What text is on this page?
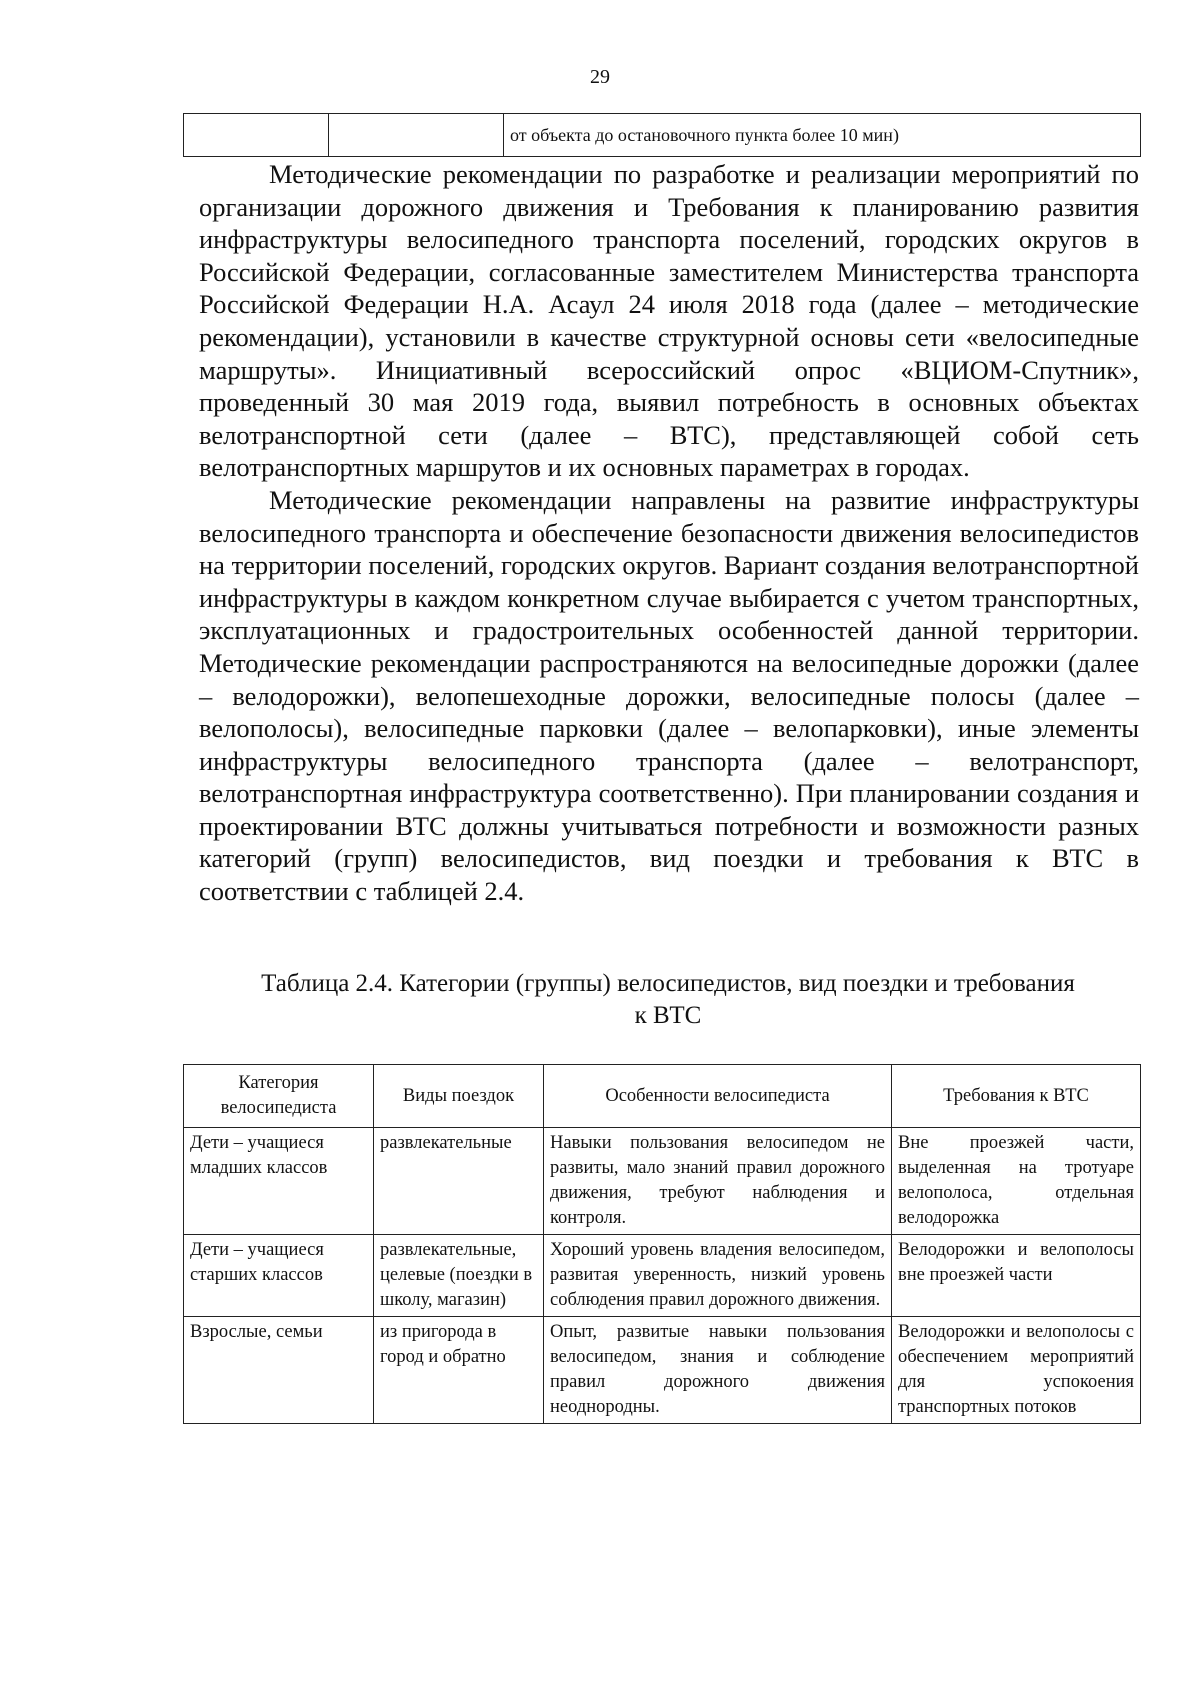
29
		от объекта до остановочного пункта более 10 мин)

Методические рекомендации по разработке и реализации мероприятий по организации дорожного движения и Требования к планированию развития инфраструктуры велосипедного транспорта поселений, городских округов в Российской Федерации, согласованные заместителем Министерства транспорта Российской Федерации Н.А. Асаул 24 июля 2018 года (далее – методические рекомендации), установили в качестве структурной основы сети «велосипедные маршруты». Инициативный всероссийский опрос «ВЦИОМ-Спутник», проведенный 30 мая 2019 года, выявил потребность в основных объектах велотранспортной сети (далее – ВТС), представляющей собой сеть велотранспортных маршрутов и их основных параметрах в городах.

Методические рекомендации направлены на развитие инфраструктуры велосипедного транспорта и обеспечение безопасности движения велосипедистов на территории поселений, городских округов. Вариант создания велотранспортной инфраструктуры в каждом конкретном случае выбирается с учетом транспортных, эксплуатационных и градостроительных особенностей данной территории. Методические рекомендации распространяются на велосипедные дорожки (далее – велодорожки), велопешеходные дорожки, велосипедные полосы (далее – велополосы), велосипедные парковки (далее – велопарковки), иные элементы инфраструктуры велосипедного транспорта (далее – велотранспорт, велотранспортная инфраструктура соответственно). При планировании создания и проектировании ВТС должны учитываться потребности и возможности разных категорий (групп) велосипедистов, вид поездки и требования к ВТС в соответствии с таблицей 2.4.

Таблица 2.4. Категории (группы) велосипедистов, вид поездки и требования
к ВТС
Категория велосипедиста	Виды поездок	Особенности велосипедиста	Требования к ВТС
Дети – учащиеся младших классов	развлекательные	Навыки пользования велосипедом не развиты, мало знаний правил дорожного движения, требуют наблюдения и контроля.	Вне проезжей части, выделенная на тротуаре велополоса, отдельная велодорожка
Дети – учащиеся старших классов	развлекательные, целевые (поездки в школу, магазин)	Хороший уровень владения велосипедом, развитая уверенность, низкий уровень соблюдения правил дорожного движения.	Велодорожки и велополосы вне проезжей части
Взрослые, семьи	из пригорода в город и обратно	Опыт, развитые навыки пользования велосипедом, знания и соблюдение правил дорожного движения неоднородны.	Велодорожки и велополосы с обеспечением мероприятий для успокоения транспортных потоков
